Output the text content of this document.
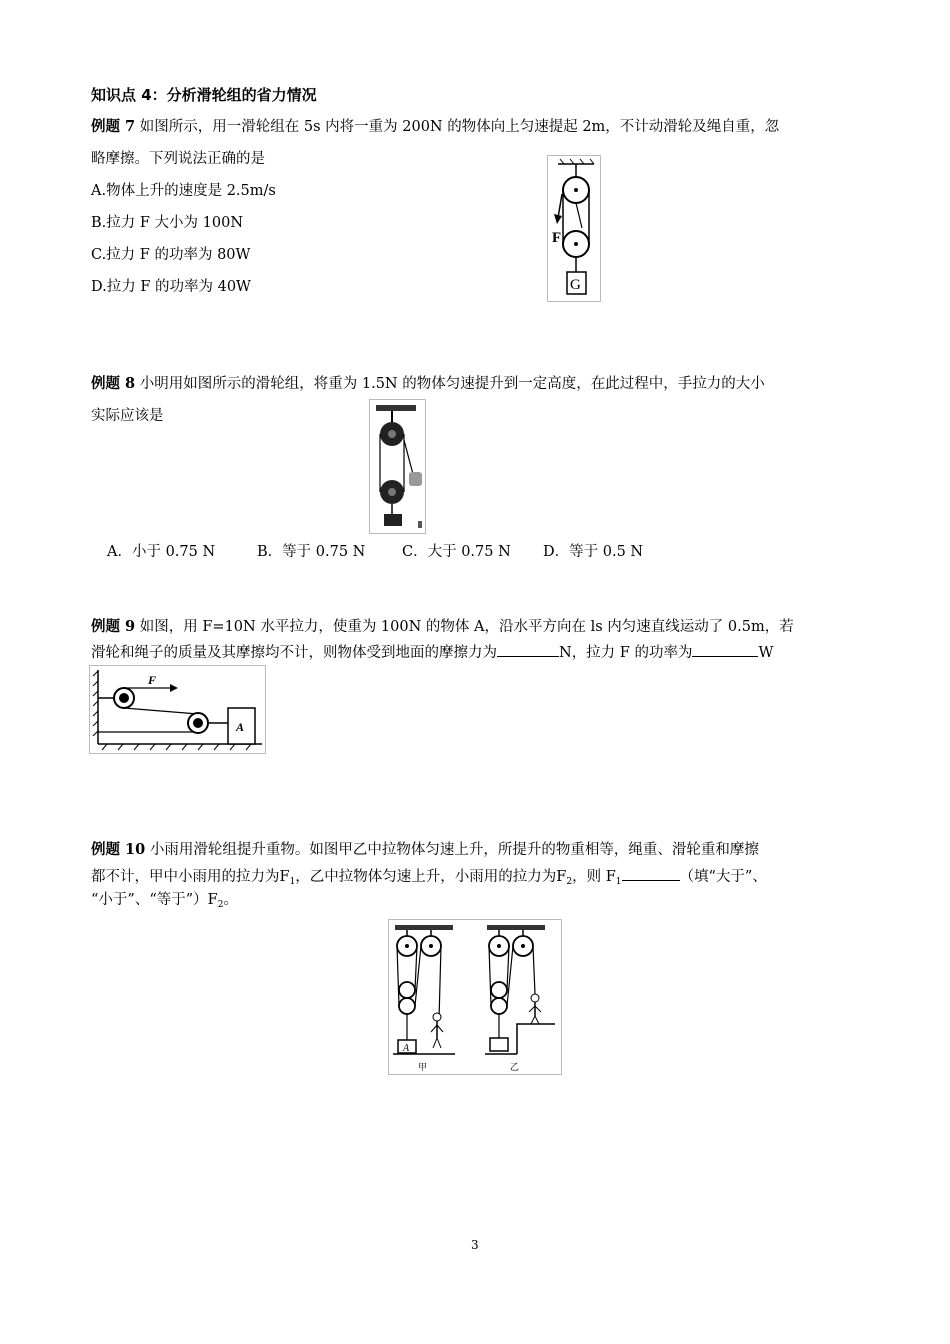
知识点 4：分析滑轮组的省力情况
例题 7 如图所示，用一滑轮组在 5s 内将一重为 200N 的物体向上匀速提起 2m，不计动滑轮及绳自重，忽
略摩擦。下列说法正确的是
A.物体上升的速度是 2.5m/s
B.拉力 F 大小为 100N
C.拉力 F 的功率为 80W
D.拉力 F 的功率为 40W
F
G
例题 8 小明用如图所示的滑轮组，将重为 1.5N 的物体匀速提升到一定高度，在此过程中，手拉力的大小
实际应该是
A．小于 0.75 N	B．等于 0.75 N	C．大于 0.75 N D．等于 0.5 N
例题 9 如图，用 F=10N 水平拉力，使重为 100N 的物体 A，沿水平方向在 ls 内匀速直线运动了 0.5m，若
滑轮和绳子的质量及其摩擦均不计，则物体受到地面的摩擦力为	N，拉力 F 的功率为	W
F
A
例题 10 小雨用滑轮组提升重物。如图甲乙中拉物体匀速上升，所提升的物重相等，绳重、滑轮重和摩擦
都不计，甲中小雨用的拉力为$F_1$，乙中拉物体匀速上升，小雨用的拉力为$F_2$，则 $F_1$	（填“大于”、
“小于”、“等于$”)F_2$。
A
甲	乙
3
